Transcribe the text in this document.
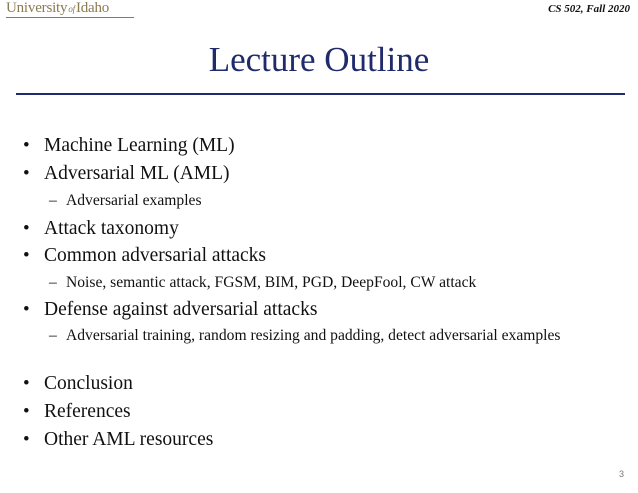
University of Idaho	CS 502, Fall 2020
Lecture Outline
• Machine Learning (ML)
• Adversarial ML (AML)
– Adversarial examples
• Attack taxonomy
• Common adversarial attacks
– Noise, semantic attack, FGSM, BIM, PGD, DeepFool, CW attack
• Defense against adversarial attacks
– Adversarial training, random resizing and padding, detect adversarial examples
• Conclusion
• References
• Other AML resources
3
